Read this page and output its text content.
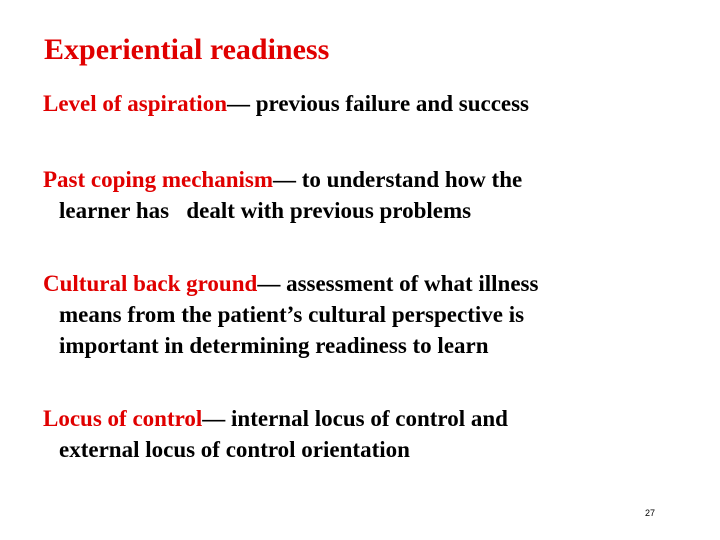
Experiential readiness
Level of aspiration— previous failure and success
Past coping mechanism— to understand how the
learner has   dealt with previous problems
Cultural back ground— assessment of what illness
means from the patient’s cultural perspective is
important in determining readiness to learn
Locus of control— internal locus of control and
external locus of control orientation
27
